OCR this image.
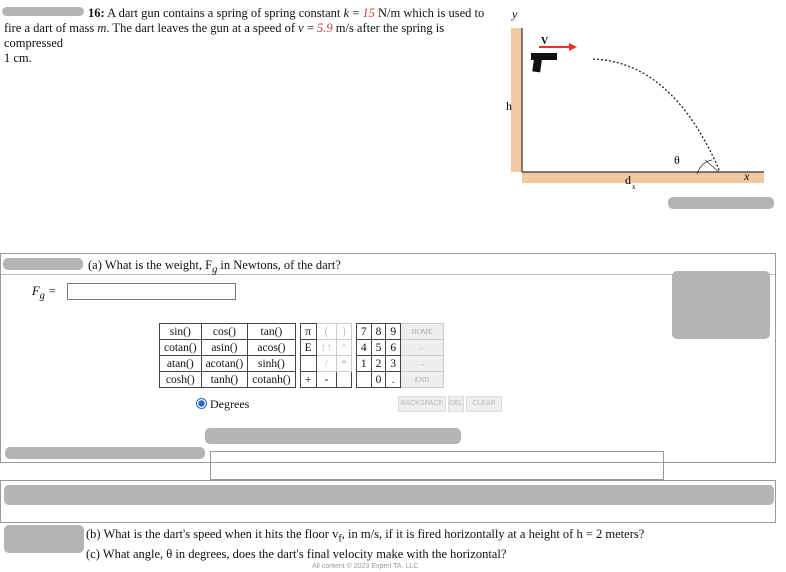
16: A dart gun contains a spring of spring constant k = 15 N/m which is used to
fire a dart of mass m. The dart leaves the gun at a speed of v = 5.9 m/s after the spring is compressed
1 cm.
y
x
h
V
θ
d x
(a) What is the weight, $F_g$ in Newtons, of the dart?
$F_g$ =
sin()	cos()	tan()		π	(	)		7	8	9	HOME
cotan()	asin()	acos()		E	↑↑	^		4	5	6	←
atan()	acotan()	sinh()			/	*		1	2	3	→
cosh()	tanh()	cotanh()		+	-				0	.	END
Degrees	BACKSPACE DEL CLEAR
(b) What is the dart's speed when it hits the floor $v_f$, in m/s, if it is fired horizontally at a height of h = 2 meters?
(c) What angle, θ in degrees, does the dart's final velocity make with the horizontal?
All content © 2023 Expert TA, LLC
